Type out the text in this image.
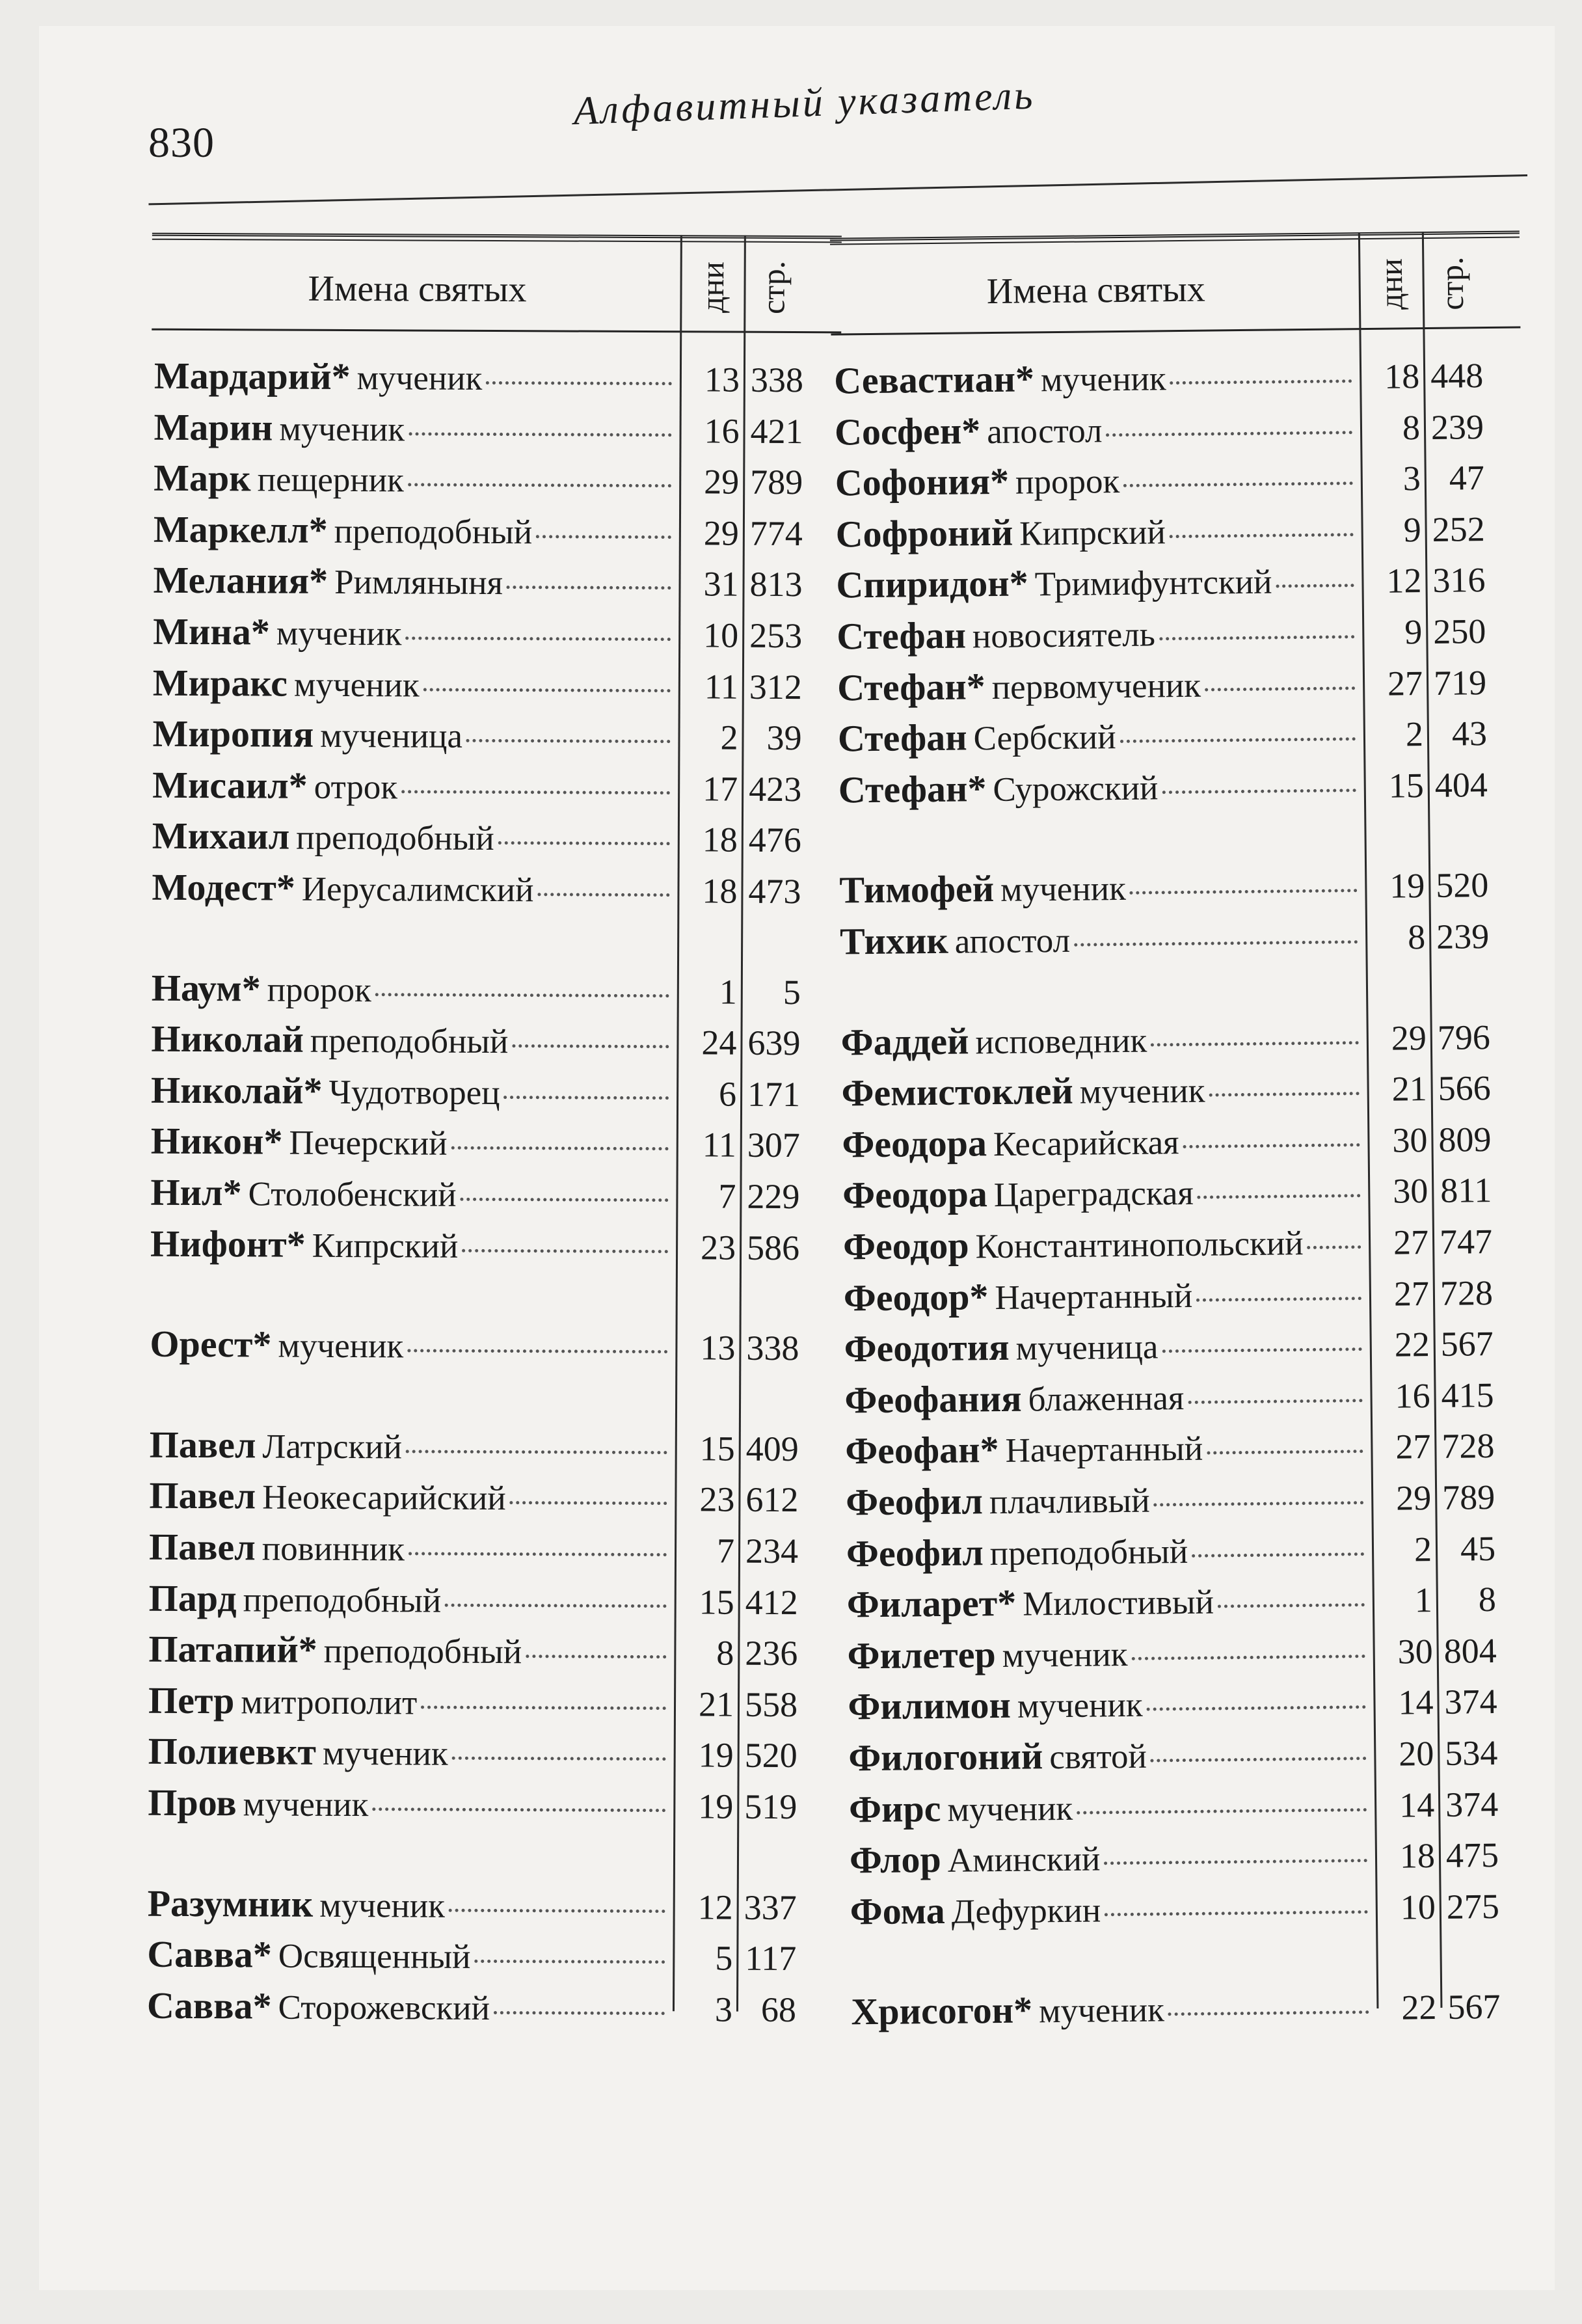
830
Алфавитный указатель
Имена святых	дни стр.
Мардарий* мученик	13 338
Марин мученик	16 421
Марк пещерник	29 789
Маркелл* преподобный	29 774
Мелания* Римляныня	31 813
Мина* мученик	10 253
Миракс мученик	11 312
Миропия мученица	2 39
Мисаил* отрок	17 423
Михаил преподобный	18 476
Модест* Иерусалимский	18 473
Наум* пророк	1	5
Николай преподобный	24 639
Николай* Чудотворец	6 171
Никон* Печерский	11 307
Нил* Столобенский	7 229
Нифонт* Кипрский	23 586
Орест* мученик	13 338
Павел Латрский	15 409
Павел Неокесарийский	23 612
Павел повинник	7 234
Пард преподобный	15 412
Патапий* преподобный	8 236
Петр митрополит	21 558
Полиевкт мученик	19 520
Пров мученик	19 519
Разумник мученик	12 337
Савва* Освященный	5 117
Савва* Сторожевский	3 68
Имена святых	дни стр.
Севастиан* мученик	18 448
Сосфен* апостол	8 239
Софония* пророк	3 47
Софроний Кипрский	9 252
Спиридон* Тримифунтский	12 316
Стефан новосиятель	9 250
Стефан* первомученик	27 719
Стефан Сербский	2 43
Стефан* Сурожский	15 404
Тимофей мученик	19 520
Тихик апостол	8 239
Фаддей исповедник	29 796
Фемистоклей мученик	21 566
Феодора Кесарийская	30 809
Феодора Цареградская	30 811
Феодор Константинопольский	27 747
Феодор* Начертанный	27 728
Феодотия мученица	22 567
Феофания блаженная	16 415
Феофан* Начертанный	27 728
Феофил плачливый	29 789
Феофил преподобный	2 45
Филарет* Милостивый	1	8
Филетер мученик	30 804
Филимон мученик	14 374
Филогоний святой	20 534
Фирс мученик	14 374
Флор Аминский	18 475
Фома Дефуркин	10 275
Хрисогон* мученик	22 567
